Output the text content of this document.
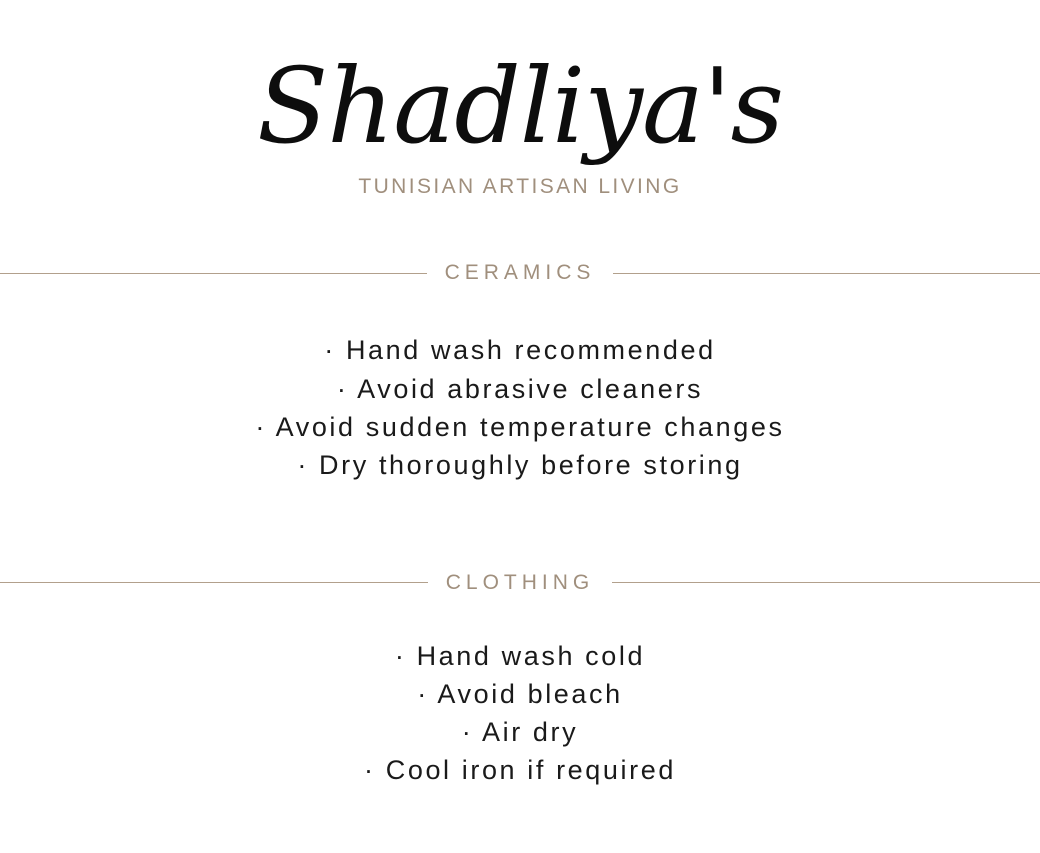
Shadliya's
TUNISIAN ARTISAN LIVING
CERAMICS
· Hand wash recommended
· Avoid abrasive cleaners
· Avoid sudden temperature changes
· Dry thoroughly before storing
CLOTHING
· Hand wash cold
· Avoid bleach
· Air dry
· Cool iron if required
